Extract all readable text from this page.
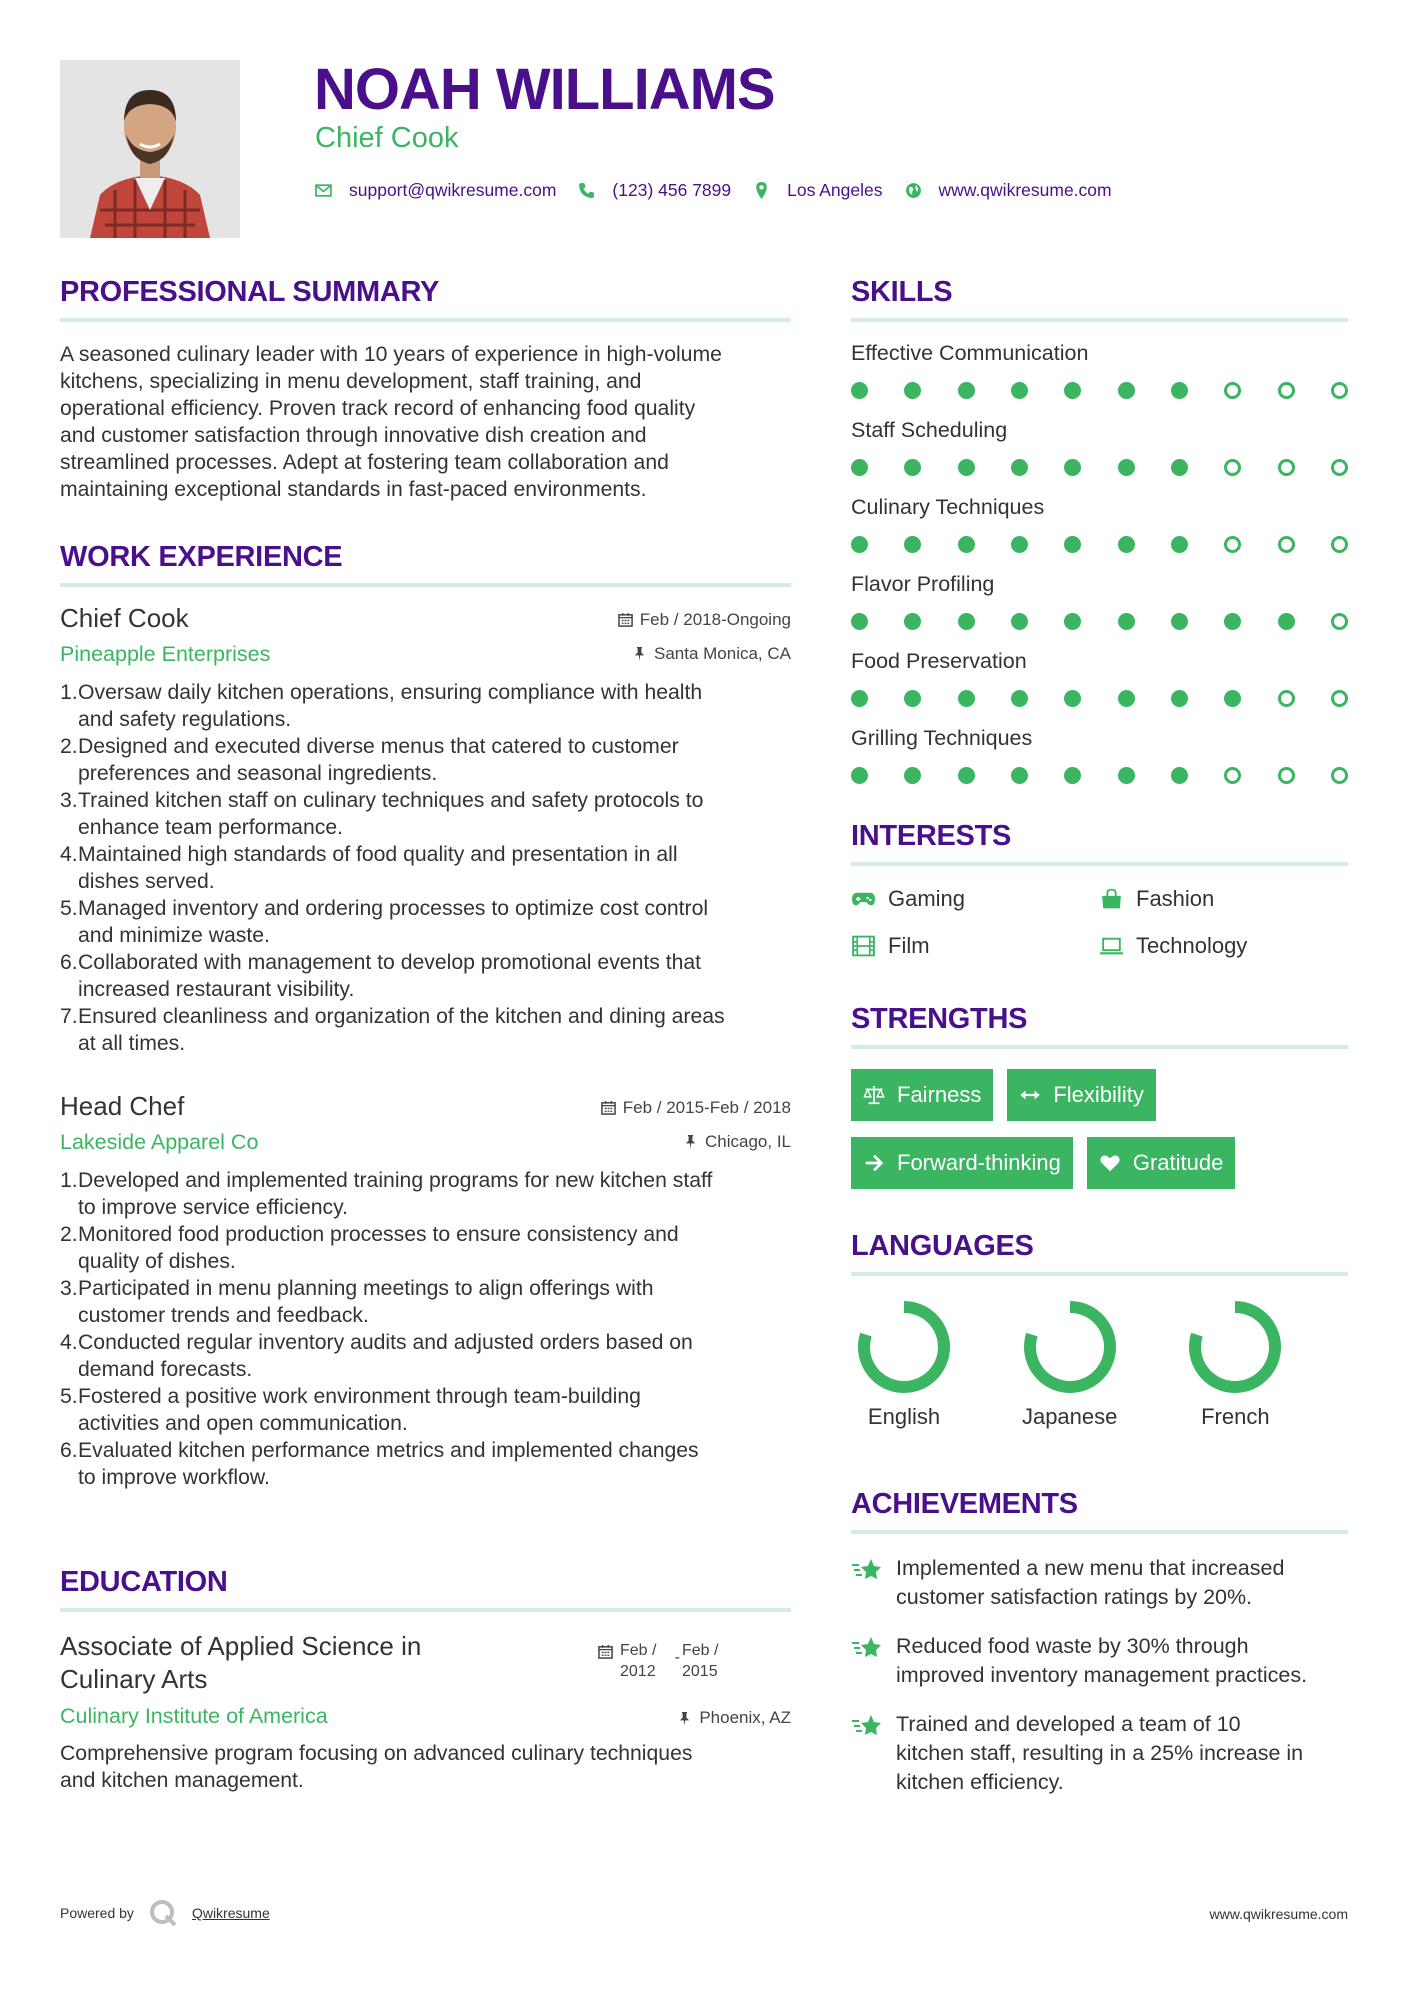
NOAH WILLIAMS
Chief Cook
support@qwikresume.com	(123) 456 7899	Los Angeles	www.qwikresume.com
PROFESSIONAL SUMMARY
A seasoned culinary leader with 10 years of experience in high-volume
kitchens, specializing in menu development, staff training, and
operational efficiency. Proven track record of enhancing food quality
and customer satisfaction through innovative dish creation and
streamlined processes. Adept at fostering team collaboration and
maintaining exceptional standards in fast-paced environments.
WORK EXPERIENCE
Chief Cook	Feb / 2018-Ongoing
Pineapple Enterprises	Santa Monica, CA
1. Oversaw daily kitchen operations, ensuring compliance with health
and safety regulations.
2. Designed and executed diverse menus that catered to customer
preferences and seasonal ingredients.
3. Trained kitchen staff on culinary techniques and safety protocols to
enhance team performance.
4. Maintained high standards of food quality and presentation in all
dishes served.
5. Managed inventory and ordering processes to optimize cost control
and minimize waste.
6. Collaborated with management to develop promotional events that
increased restaurant visibility.
7. Ensured cleanliness and organization of the kitchen and dining areas
at all times.
Head Chef	Feb / 2015-Feb / 2018
Lakeside Apparel Co	Chicago, IL
1. Developed and implemented training programs for new kitchen staff
to improve service efficiency.
2. Monitored food production processes to ensure consistency and
quality of dishes.
3. Participated in menu planning meetings to align offerings with
customer trends and feedback.
4. Conducted regular inventory audits and adjusted orders based on
demand forecasts.
5. Fostered a positive work environment through team-building
activities and open communication.
6. Evaluated kitchen performance metrics and implemented changes
to improve workflow.
EDUCATION
Associate of Applied Science in
Culinary Arts
Feb /
2012
- Feb /
2015
Culinary Institute of America	Phoenix, AZ
Comprehensive program focusing on advanced culinary techniques
and kitchen management.
SKILLS
Effective Communication
Staff Scheduling
Culinary Techniques
Flavor Profiling
Food Preservation
Grilling Techniques
INTERESTS
Gaming	Fashion
Film	Technology
STRENGTHS
Fairness	Flexibility
Forward-thinking	Gratitude
LANGUAGES
English	Japanese	French
ACHIEVEMENTS
Implemented a new menu that increased
customer satisfaction ratings by 20%.
Reduced food waste by 30% through
improved inventory management practices.
Trained and developed a team of 10
kitchen staff, resulting in a 25% increase in
kitchen efficiency.
Powered by	Qwikresume	www.qwikresume.com
